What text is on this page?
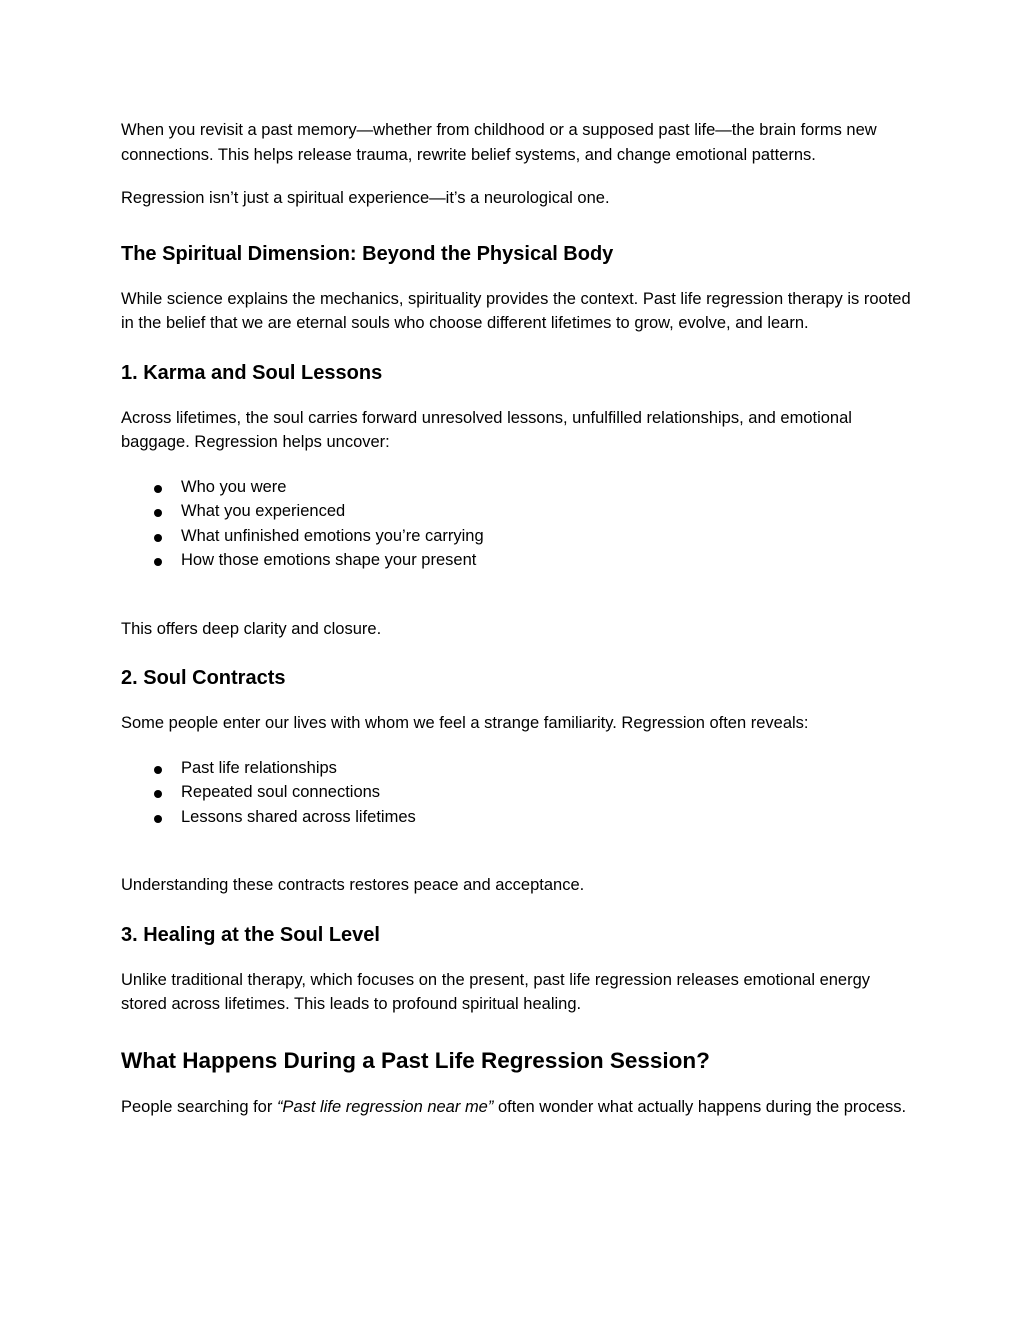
When you revisit a past memory—whether from childhood or a supposed past life—the brain forms new connections. This helps release trauma, rewrite belief systems, and change emotional patterns.

Regression isn’t just a spiritual experience—it’s a neurological one.

The Spiritual Dimension: Beyond the Physical Body

While science explains the mechanics, spirituality provides the context. Past life regression therapy is rooted in the belief that we are eternal souls who choose different lifetimes to grow, evolve, and learn.

1. Karma and Soul Lessons

Across lifetimes, the soul carries forward unresolved lessons, unfulfilled relationships, and emotional baggage. Regression helps uncover:

Who you were
What you experienced
What unfinished emotions you’re carrying
How those emotions shape your present

This offers deep clarity and closure.

2. Soul Contracts

Some people enter our lives with whom we feel a strange familiarity. Regression often reveals:

Past life relationships
Repeated soul connections
Lessons shared across lifetimes

Understanding these contracts restores peace and acceptance.

3. Healing at the Soul Level

Unlike traditional therapy, which focuses on the present, past life regression releases emotional energy stored across lifetimes. This leads to profound spiritual healing.

What Happens During a Past Life Regression Session?

People searching for “Past life regression near me” often wonder what actually happens during the process.
